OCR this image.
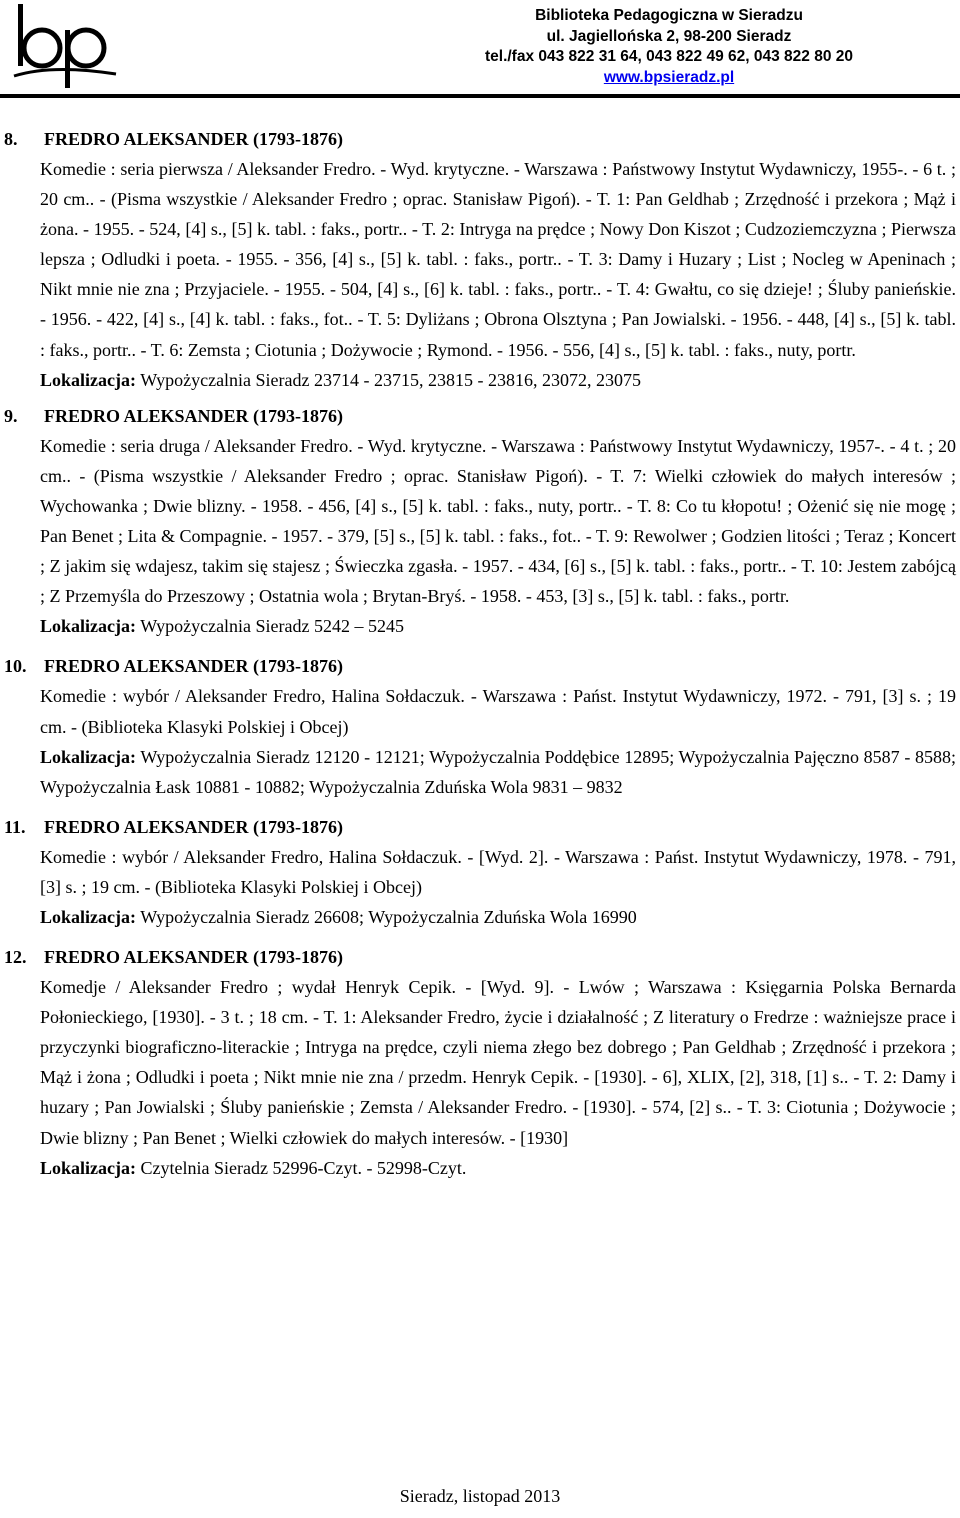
Biblioteka Pedagogiczna w Sieradzu
ul. Jagiellońska 2, 98-200 Sieradz
tel./fax 043 822 31 64, 043 822 49 62, 043 822 80 20
www.bpsieradz.pl
8.	FREDRO ALEKSANDER (1793-1876)
Komedie : seria pierwsza / Aleksander Fredro. - Wyd. krytyczne. - Warszawa : Państwowy Instytut Wydawniczy, 1955-. - 6 t. ; 20 cm.. - (Pisma wszystkie / Aleksander Fredro ; oprac. Stanisław Pigoń). - T. 1: Pan Geldhab ; Zrzędność i przekora ; Mąż i żona. - 1955. - 524, [4] s., [5] k. tabl. : faks., portr.. - T. 2: Intryga na prędce ; Nowy Don Kiszot ; Cudzoziemczyzna ; Pierwsza lepsza ; Odludki i poeta. - 1955. - 356, [4] s., [5] k. tabl. : faks., portr.. - T. 3: Damy i Huzary ; List ; Nocleg w Apeninach ; Nikt mnie nie zna ; Przyjaciele. - 1955. - 504, [4] s., [6] k. tabl. : faks., portr.. - T. 4: Gwałtu, co się dzieje! ; Śluby panieńskie. - 1956. - 422, [4] s., [4] k. tabl. : faks., fot.. - T. 5: Dyliżans ; Obrona Olsztyna ; Pan Jowialski. - 1956. - 448, [4] s., [5] k. tabl. : faks., portr.. - T. 6: Zemsta ; Ciotunia ; Dożywocie ; Rymond. - 1956. - 556, [4] s., [5] k. tabl. : faks., nuty, portr.
Lokalizacja: Wypożyczalnia Sieradz 23714 - 23715, 23815 - 23816, 23072, 23075
9.	FREDRO ALEKSANDER (1793-1876)
Komedie : seria druga / Aleksander Fredro. - Wyd. krytyczne. - Warszawa : Państwowy Instytut Wydawniczy, 1957-. - 4 t. ; 20 cm.. - (Pisma wszystkie / Aleksander Fredro ; oprac. Stanisław Pigoń). - T. 7: Wielki człowiek do małych interesów ; Wychowanka ; Dwie blizny. - 1958. - 456, [4] s., [5] k. tabl. : faks., nuty, portr.. - T. 8: Co tu kłopotu! ; Ożenić się nie mogę ; Pan Benet ; Lita & Compagnie. - 1957. - 379, [5] s., [5] k. tabl. : faks., fot.. - T. 9: Rewolwer ; Godzien litości ; Teraz ; Koncert ; Z jakim się wdajesz, takim się stajesz ; Świeczka zgasła. - 1957. - 434, [6] s., [5] k. tabl. : faks., portr.. - T. 10: Jestem zabójcą ; Z Przemyśla do Przeszowy ; Ostatnia wola ; Brytan-Bryś. - 1958. - 453, [3] s., [5] k. tabl. : faks., portr.
Lokalizacja: Wypożyczalnia Sieradz 5242 – 5245
10. FREDRO ALEKSANDER (1793-1876)
Komedie : wybór / Aleksander Fredro, Halina Sołdaczuk. - Warszawa : Państ. Instytut Wydawniczy, 1972. - 791, [3] s. ; 19 cm. - (Biblioteka Klasyki Polskiej i Obcej)
Lokalizacja: Wypożyczalnia Sieradz 12120 - 12121; Wypożyczalnia Poddębice 12895; Wypożyczalnia Pajęczno 8587 - 8588; Wypożyczalnia Łask 10881 - 10882; Wypożyczalnia Zduńska Wola 9831 – 9832
11.	FREDRO ALEKSANDER (1793-1876)
Komedie : wybór / Aleksander Fredro, Halina Sołdaczuk. - [Wyd. 2]. - Warszawa : Państ. Instytut Wydawniczy, 1978. - 791, [3] s. ; 19 cm. - (Biblioteka Klasyki Polskiej i Obcej)
Lokalizacja: Wypożyczalnia Sieradz 26608; Wypożyczalnia Zduńska Wola 16990
12. FREDRO ALEKSANDER (1793-1876)
Komedje / Aleksander Fredro ; wydał Henryk Cepik. - [Wyd. 9]. - Lwów ; Warszawa : Księgarnia Polska Bernarda Połonieckiego, [1930]. - 3 t. ; 18 cm. - T. 1: Aleksander Fredro, życie i działalność ; Z literatury o Fredrze : ważniejsze prace i przyczynki biograficzno-literackie ; Intryga na prędce, czyli niema złego bez dobrego ; Pan Geldhab ; Zrzędność i przekora ; Mąż i żona ; Odludki i poeta ; Nikt mnie nie zna / przedm. Henryk Cepik. - [1930]. - 6], XLIX, [2], 318, [1] s.. - T. 2: Damy i huzary ; Pan Jowialski ; Śluby panieńskie ; Zemsta / Aleksander Fredro. - [1930]. - 574, [2] s.. - T. 3: Ciotunia ; Dożywocie ; Dwie blizny ; Pan Benet ; Wielki człowiek do małych interesów. - [1930]
Lokalizacja: Czytelnia Sieradz 52996-Czyt. - 52998-Czyt.
Sieradz, listopad 2013
